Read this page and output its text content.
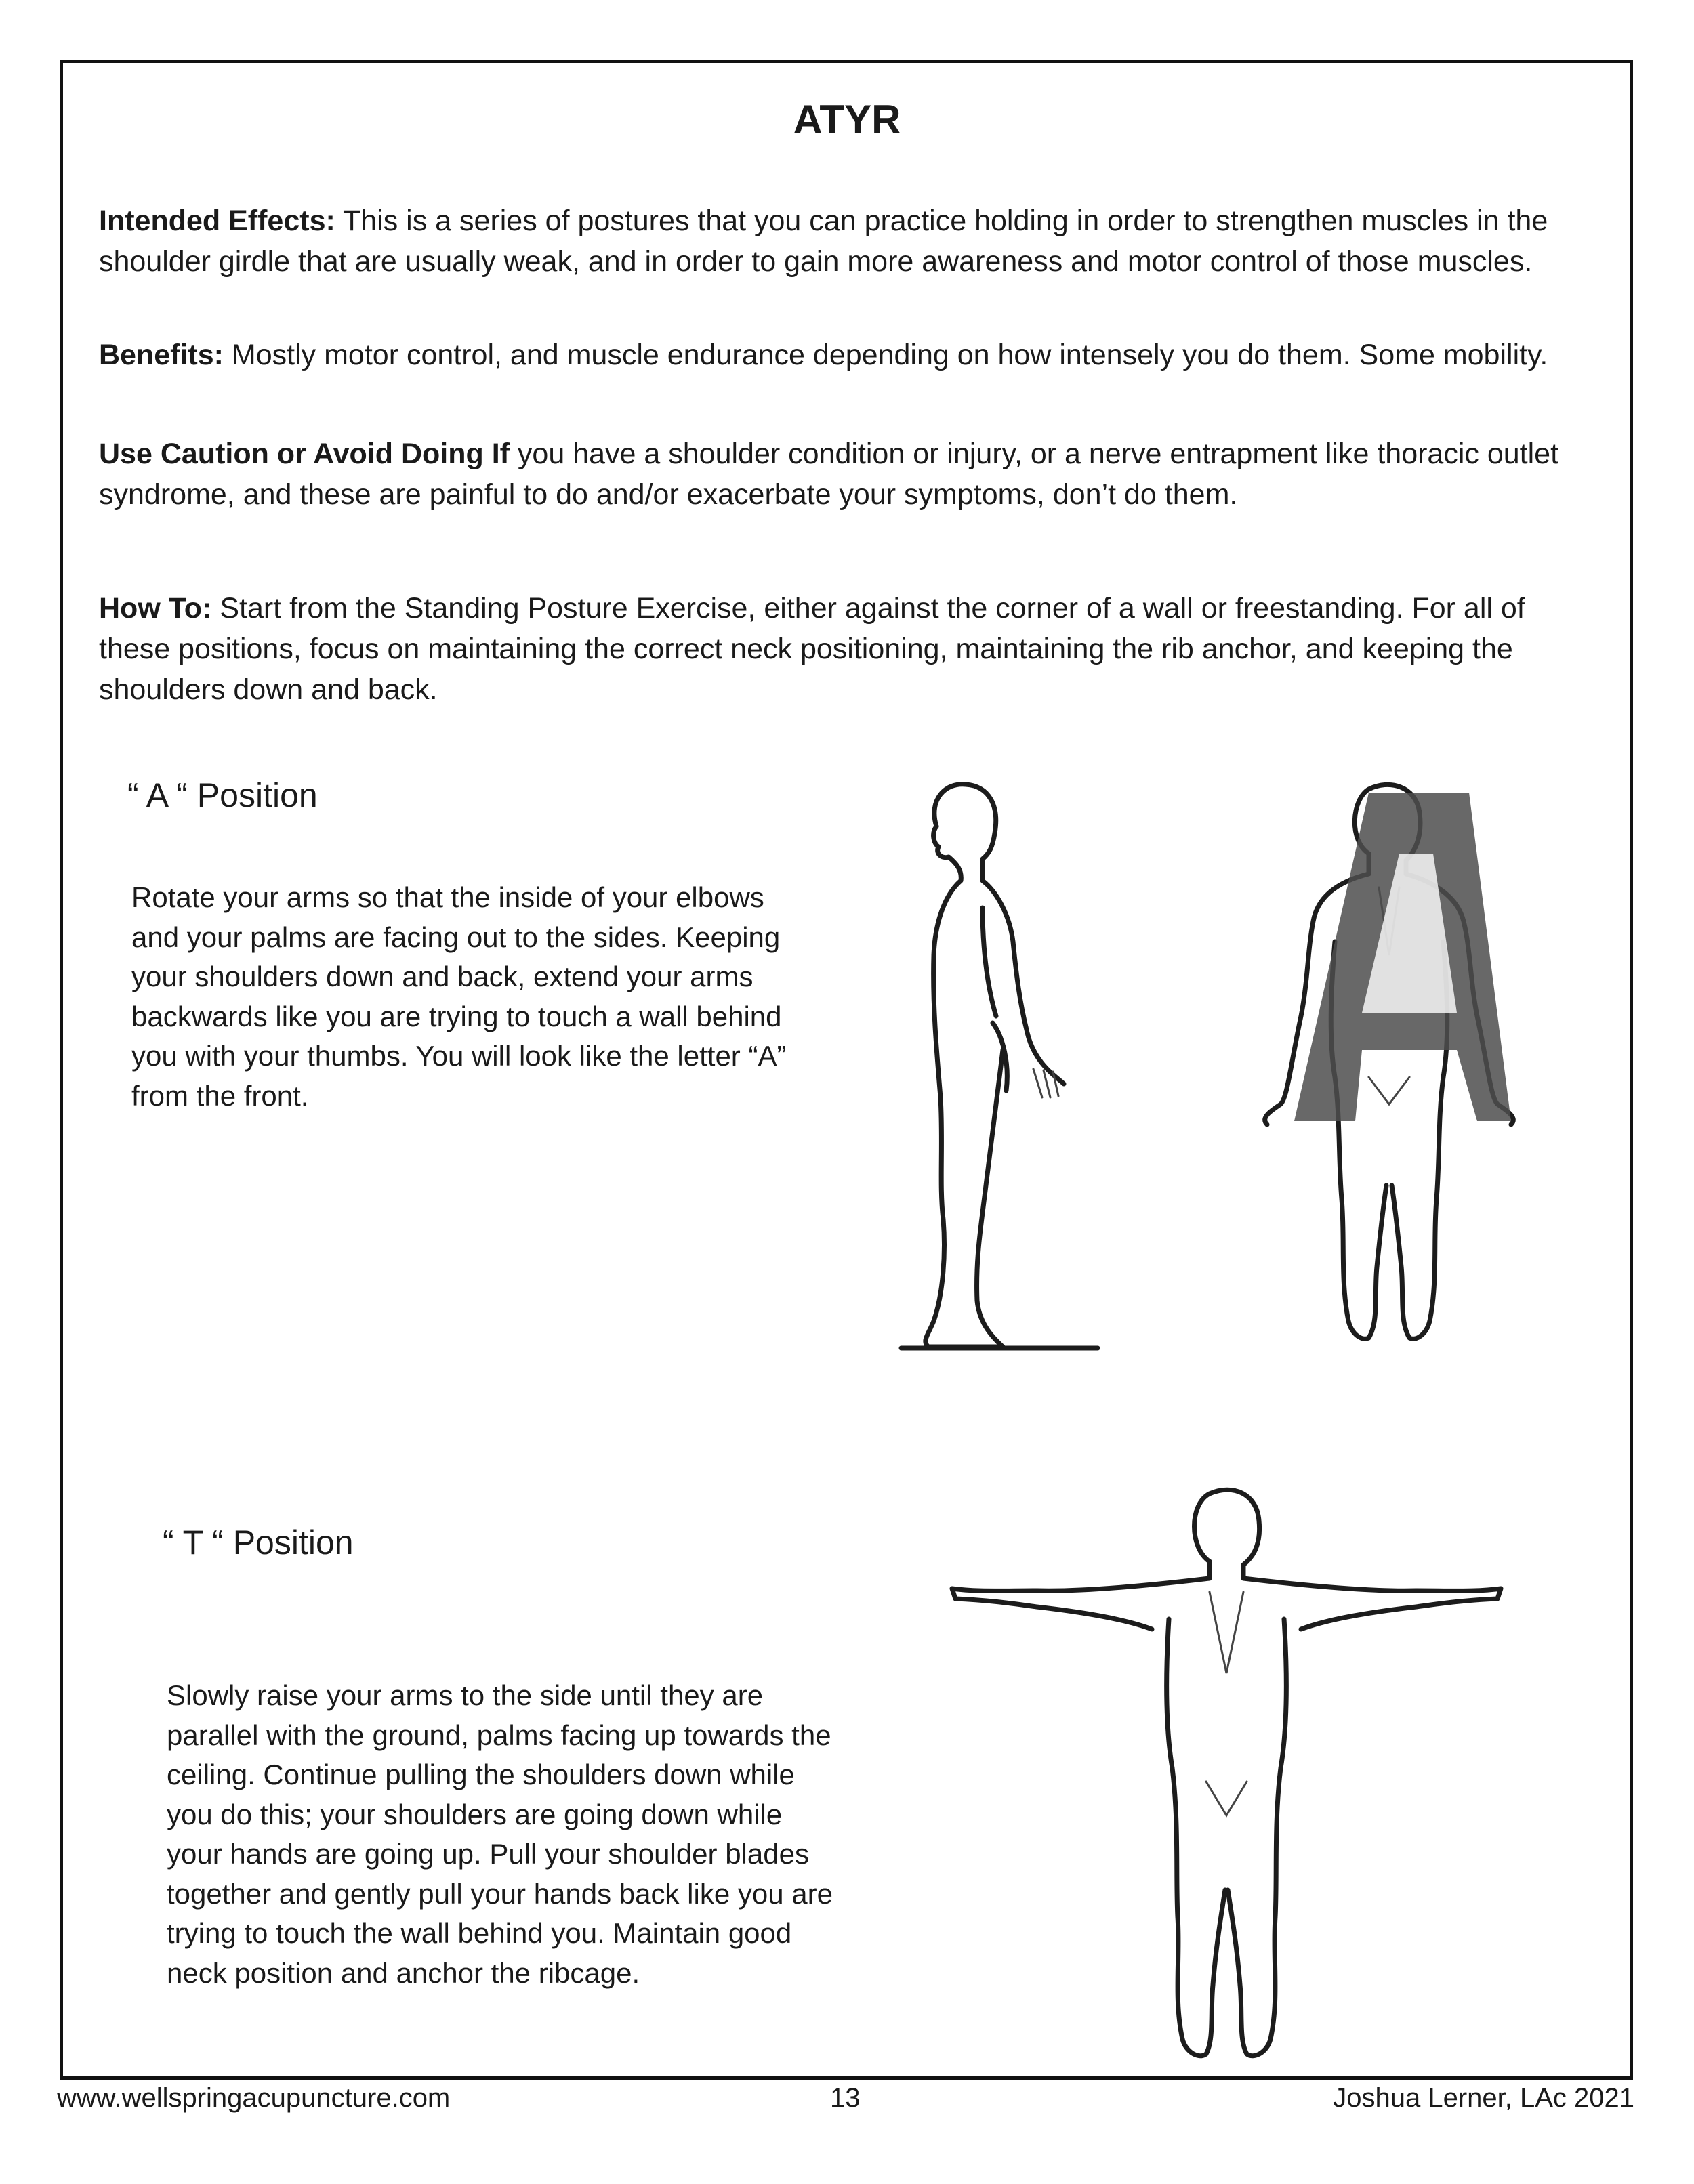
ATYR

Intended Effects: This is a series of postures that you can practice holding in order to strengthen muscles in the shoulder girdle that are usually weak, and in order to gain more awareness and motor control of those muscles.

Benefits: Mostly motor control, and muscle endurance depending on how intensely you do them. Some mobility.

Use Caution or Avoid Doing If you have a shoulder condition or injury, or a nerve entrapment like thoracic outlet syndrome, and these are painful to do and/or exacerbate your symptoms, don’t do them.

How To: Start from the Standing Posture Exercise, either against the corner of a wall or freestanding. For all of these positions, focus on maintaining the correct neck positioning, maintaining the rib anchor, and keeping the shoulders down and back.

“ A “ Position

Rotate your arms so that the inside of your elbows and your palms are facing out to the sides. Keeping your shoulders down and back, extend your arms backwards like you are trying to touch a wall behind you with your thumbs. You will look like the letter “A” from the front.

“ T “ Position

Slowly raise your arms to the side until they are parallel with the ground, palms facing up towards the ceiling. Continue pulling the shoulders down while you do this; your shoulders are going down while your hands are going up. Pull your shoulder blades together and gently pull your hands back like you are trying to touch the wall behind you. Maintain good neck position and anchor the ribcage.

www.wellspringacupuncture.com	13	Joshua Lerner, LAc 2021
